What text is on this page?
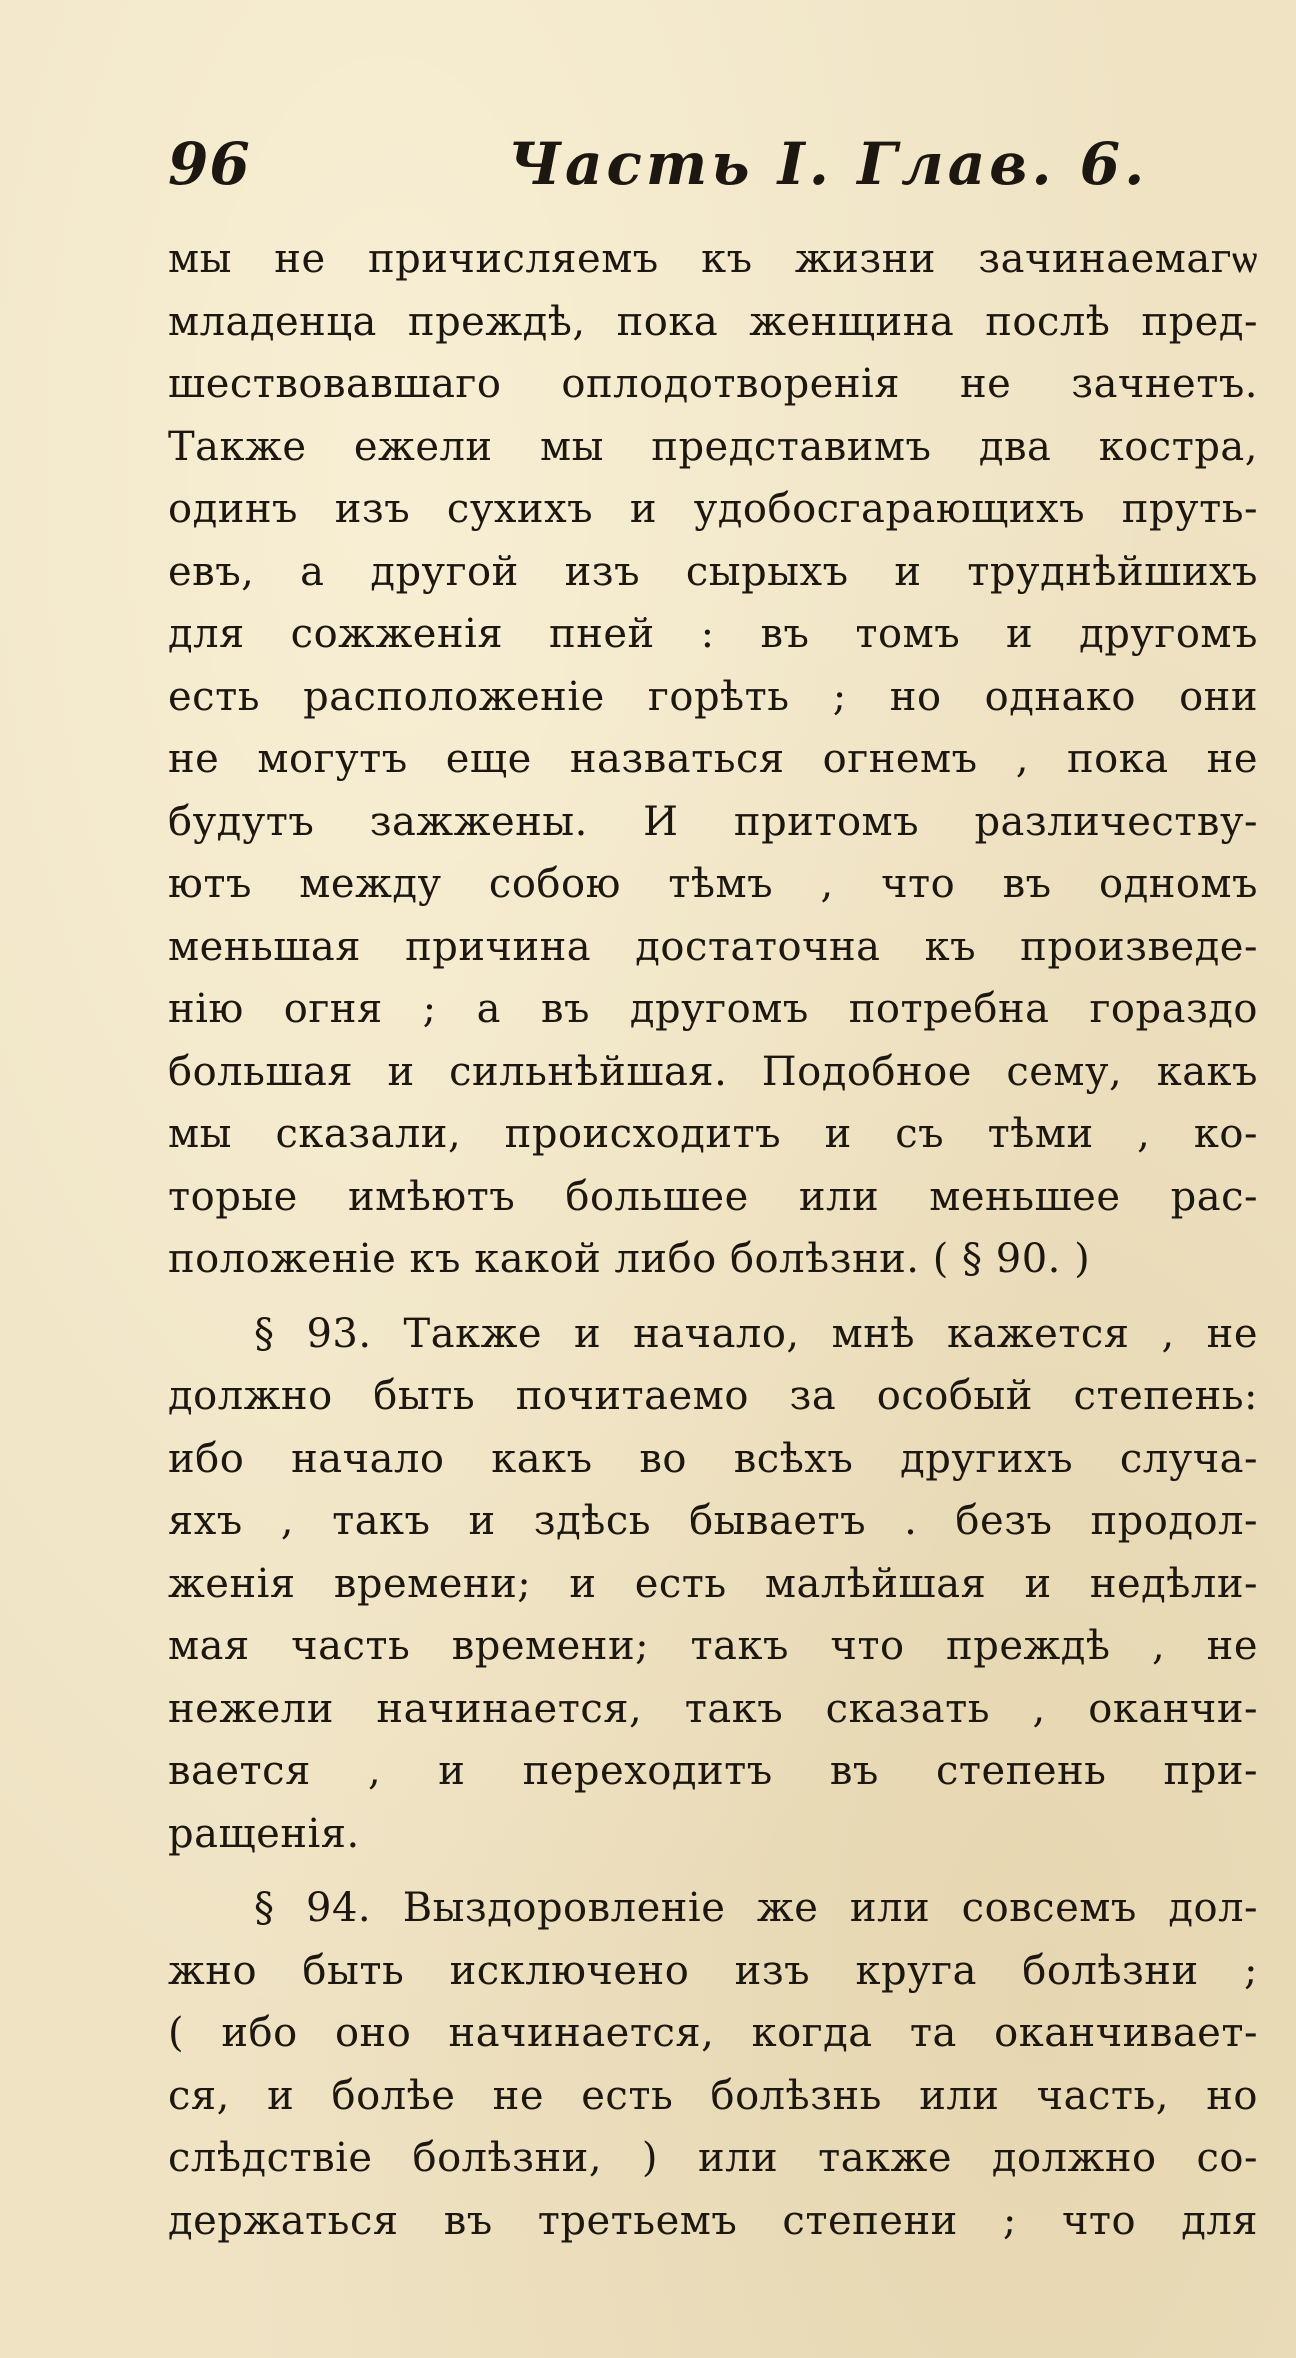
96	Часть I. Глав. 6.
мы не причисляемъ къ жизни зачинаемагѡ
младенца преждѣ, пока женщина послѣ пред-
шествовавшаго оплодотворенія не зачнетъ.
Также ежели мы представимъ два костра,
одинъ изъ сухихъ и удобосгарающихъ пруть-
евъ, а другой изъ сырыхъ и труднѣйшихъ
для сожженія пней : въ томъ и другомъ
есть расположеніе горѣть ; но однако они
не могутъ еще назваться огнемъ , пока не
будутъ зажжены. И притомъ различеству-
ютъ между собою тѣмъ , что въ одномъ
меньшая причина достаточна къ произведе-
нію огня ; а въ другомъ потребна гораздо
большая и сильнѣйшая. Подобное сему, какъ
мы сказали, происходитъ и съ тѣми , ко-
торые имѣютъ большее или меньшее рас-
положеніе къ какой либо болѣзни. ( § 90. )
§ 93. Также и начало, мнѣ кажется , не
должно быть почитаемо за особый степень:
ибо начало какъ во всѣхъ другихъ случа-
яхъ , такъ и здѣсь бываетъ . безъ продол-
женія времени; и есть малѣйшая и недѣли-
мая часть времени; такъ что преждѣ , не
нежели начинается, такъ сказать , оканчи-
вается , и переходитъ въ степень при-
ращенія.
§ 94. Выздоровленіе же или совсемъ дол-
жно быть исключено изъ круга болѣзни ;
( ибо оно начинается, когда та оканчивает-
ся, и болѣе не есть болѣзнь или часть, но
слѣдствіе болѣзни, ) или также должно со-
держаться въ третьемъ степени ; что для
